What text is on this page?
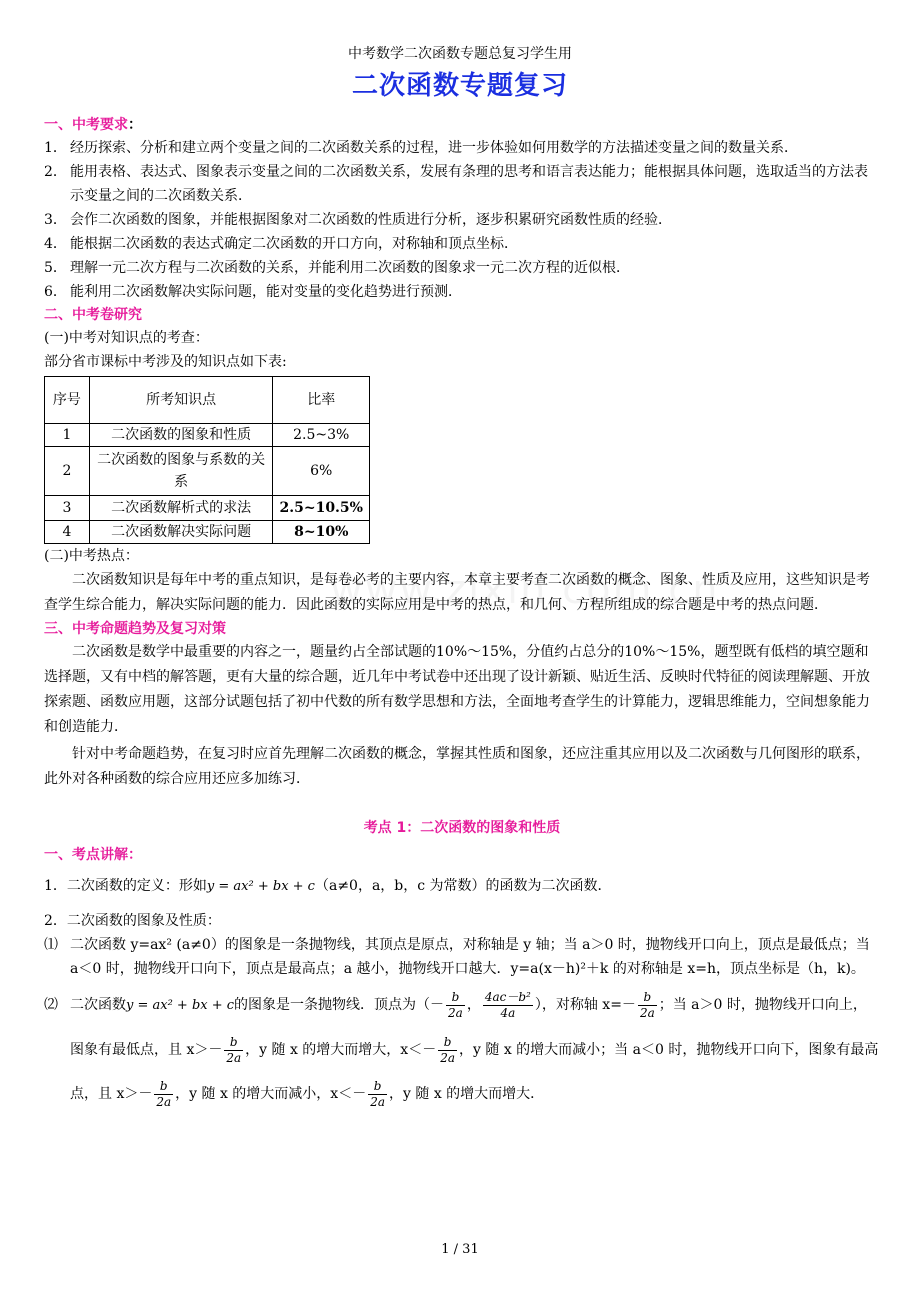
中考数学二次函数专题总复习学生用
二次函数专题复习
一、中考要求：

1． 经历探索、分析和建立两个变量之间的二次函数关系的过程，进一步体验如何用数学的方法描述变量之间的数量关系．

2． 能用表格、表达式、图象表示变量之间的二次函数关系，发展有条理的思考和语言表达能力；能根据具体问题，选取适当的方法表示变量之间的二次函数关系．

3． 会作二次函数的图象，并能根据图象对二次函数的性质进行分析，逐步积累研究函数性质的经验．

4． 能根据二次函数的表达式确定二次函数的开口方向，对称轴和顶点坐标．

5． 理解一元二次方程与二次函数的关系，并能利用二次函数的图象求一元二次方程的近似根．

6． 能利用二次函数解决实际问题，能对变量的变化趋势进行预测．

二、中考卷研究

(一)中考对知识点的考查：

部分省市课标中考涉及的知识点如下表:

序号	所考知识点	比率
1	二次函数的图象和性质	2.5~3%
2	二次函数的图象与系数的关系	6%
3	二次函数解析式的求法	2.5~10.5%
4	二次函数解决实际问题	8~10%

(二)中考热点：

二次函数知识是每年中考的重点知识，是每卷必考的主要内容，本章主要考查二次函数的概念、图象、性质及应用，这些知识是考查学生综合能力，解决实际问题的能力．因此函数的实际应用是中考的热点，和几何、方程所组成的综合题是中考的热点问题．

三、中考命题趋势及复习对策

二次函数是数学中最重要的内容之一，题量约占全部试题的10%～15%，分值约占总分的10%～15%，题型既有低档的填空题和选择题，又有中档的解答题，更有大量的综合题，近几年中考试卷中还出现了设计新颖、贴近生活、反映时代特征的阅读理解题、开放探索题、函数应用题，这部分试题包括了初中代数的所有数学思想和方法，全面地考查学生的计算能力，逻辑思维能力，空间想象能力和创造能力．

针对中考命题趋势，在复习时应首先理解二次函数的概念，掌握其性质和图象，还应注重其应用以及二次函数与几何图形的联系，此外对各种函数的综合应用还应多加练习．

考点 1：二次函数的图象和性质

一、考点讲解：

1．二次函数的定义：形如y = ax² + bx + c（a≠0，a，b，c 为常数）的函数为二次函数．

2．二次函数的图象及性质：

⑴ 二次函数 y=ax² (a≠0）的图象是一条抛物线，其顶点是原点，对称轴是 y 轴；当 a＞0 时，抛物线开口向上，顶点是最低点；当 a＜0 时，抛物线开口向下，顶点是最高点；a 越小，抛物线开口越大．y=a(x－h)²＋k 的对称轴是 x=h，顶点坐标是（h，k)。

⑵ 二次函数y = ax² + bx + c的图象是一条抛物线．顶点为（－ $\frac{b}{2a}$ ， $\frac{\text{4ac－b²}}{4a}$ ），对称轴 $x=- \frac{b}{2a}$ ；当 a＞0 时，抛物线开口向上，图象有最低点，且 $x>- \frac{b}{2a}$ ，y 随 x 的增大而增大，$x<- \frac{b}{2a}$ ，y 随 x 的增大而减小；当 a＜0 时，抛物线开口向下，图象有最高点，且 $x>- \frac{b}{2a}$ ，y 随 x 的增大而减小，$x<- \frac{b}{2a}$ ，y 随 x 的增大而增大．

1 / 31
